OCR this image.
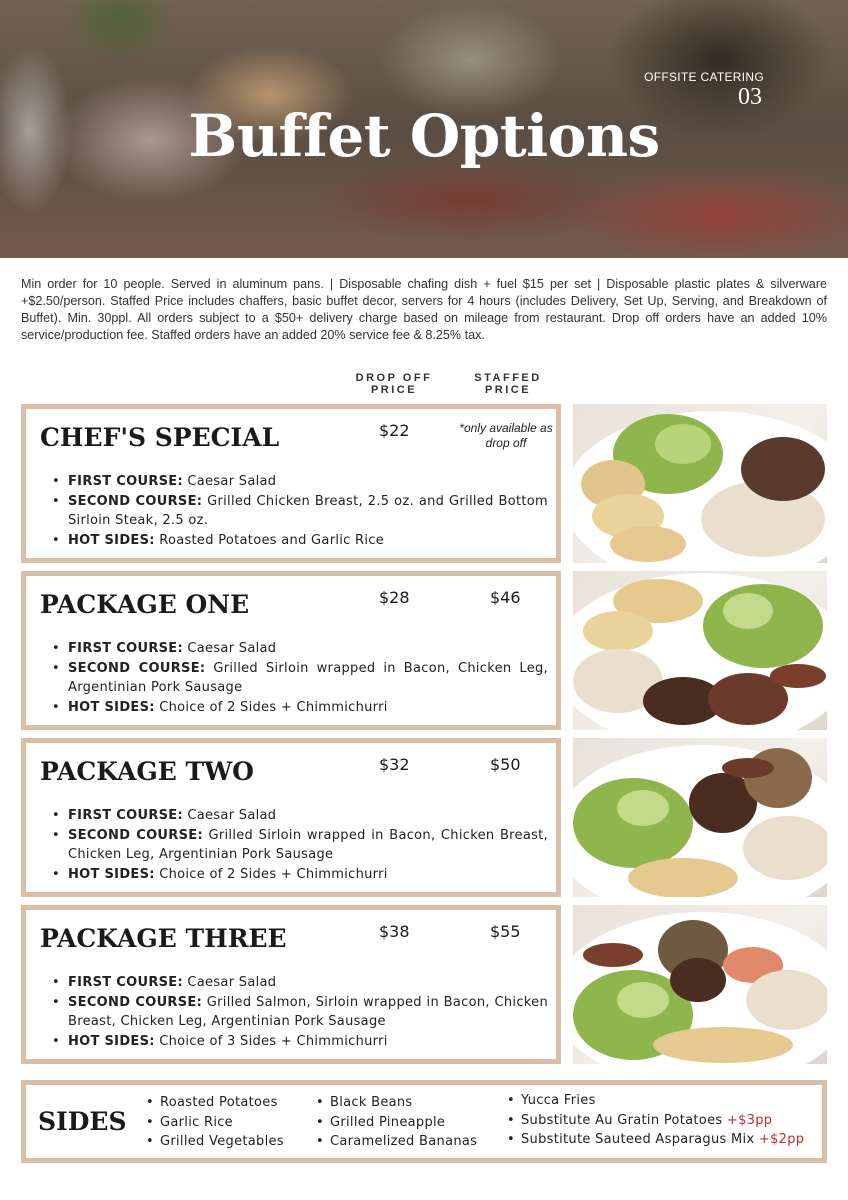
OFFSITE CATERING
03
Buffet Options

Min order for 10 people. Served in aluminum pans. | Disposable chafing dish + fuel $15 per set | Disposable plastic plates & silverware +$2.50/person. Staffed Price includes chaffers, basic buffet decor, servers for 4 hours (includes Delivery, Set Up, Serving, and Breakdown of Buffet). Min. 30ppl. All orders subject to a $50+ delivery charge based on mileage from restaurant. Drop off orders have an added 10% service/production fee. Staffed orders have an added 20% service fee & 8.25% tax.

DROP OFF
PRICE
STAFFED
PRICE
CHEF'S SPECIAL	$22	*only available as drop off
• FIRST COURSE: Caesar Salad
• SECOND COURSE: Grilled Chicken Breast, 2.5 oz. and Grilled Bottom Sirloin Steak, 2.5 oz.
• HOT SIDES: Roasted Potatoes and Garlic Rice
PACKAGE ONE	$28	$46
• FIRST COURSE: Caesar Salad
• SECOND COURSE: Grilled Sirloin wrapped in Bacon, Chicken Leg, Argentinian Pork Sausage
• HOT SIDES: Choice of 2 Sides + Chimmichurri
PACKAGE TWO	$32	$50
• FIRST COURSE: Caesar Salad
• SECOND COURSE: Grilled Sirloin wrapped in Bacon, Chicken Breast, Chicken Leg, Argentinian Pork Sausage
• HOT SIDES: Choice of 2 Sides + Chimmichurri
PACKAGE THREE	$38	$55
• FIRST COURSE: Caesar Salad
• SECOND COURSE: Grilled Salmon, Sirloin wrapped in Bacon, Chicken Breast, Chicken Leg, Argentinian Pork Sausage
• HOT SIDES: Choice of 3 Sides + Chimmichurri
SIDES
• Roasted Potatoes
• Garlic Rice
• Grilled Vegetables
• Black Beans
• Grilled Pineapple
• Caramelized Bananas
• Yucca Fries
• Substitute Au Gratin Potatoes +$3pp
• Substitute Sauteed Asparagus Mix +$2pp
